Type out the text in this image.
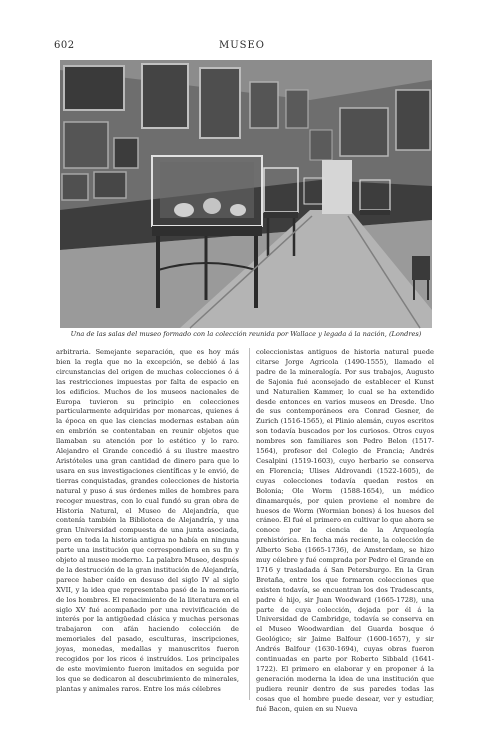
602	MUSEO
Una de las salas del museo formado con la colección reunida por Wallace y legada á la nación, (Londres)

arbitraria. Semejante separación, que es hoy más bien la regla que no la excepción, se debió á las circunstancias del origen de muchas colecciones ó á las restricciones impuestas por falta de espacio en los edificios. Muchos de los museos nacionales de Europa tuvieron su principio en colecciones particularmente adquiridas por monarcas, quienes á la época en que las ciencias modernas estaban aún en embrión se contentaban en reunir objetos que llamaban su atención por lo estético y lo raro. Alejandro el Grande concedió á su ilustre maestro Aristóteles una gran cantidad de dinero para que lo usara en sus investigaciones científicas y le envió, de tierras conquistadas, grandes colecciones de historia natural y puso á sus órdenes miles de hombres para recoger muestras, con lo cual fundó su gran obra de Historia Natural, el Museo de Alejandría, que contenía también la Biblioteca de Alejandría, y una gran Universidad compuesta de una junta asociada, pero en toda la historia antigua no había en ninguna parte una institución que correspondiera en su fin y objeto al museo moderno. La palabra Museo, después de la destrucción de la gran institución de Alejandría, parece haber caído en desuso del siglo IV al siglo XVII, y la idea que representaba pasó de la memoria de los hombres. El renacimiento de la literatura en el siglo XV fué acompañado por una revivificación de interés por la antigüedad clásica y muchas personas trabajaron con afán haciendo colección de memoriales del pasado, esculturas, inscripciones, joyas, monedas, medallas y manuscritos fueron recogidos por los ricos é instruídos. Los principales de este movimiento fueron imitados en seguida por los que se dedicaron al descubrimiento de minerales, plantas y animales raros. Entre los más célebres

coleccionistas antiguos de historia natural puede citarse Jorge Agricola (1490-1555), llamado el padre de la mineralogía. Por sus trabajos, Augusto de Sajonia fué aconsejado de establecer el Kunst und Naturalien Kammer, lo cual se ha extendido desde entonces en varios museos en Dresde. Uno de sus contemporáneos era Conrad Gesner, de Zurich (1516-1565), el Plinio alemán, cuyos escritos son todavía buscados por los curiosos. Otros cuyos nombres son familiares son Pedro Belon (1517-1564), profesor del Colegio de Francia; Andrés Cesalpini (1519-1603), cuyo herbario se conserva en Florencia; Ulises Aldrovandi (1522-1605), de cuyas colecciones todavía quedan restos en Bolonia; Ole Worm (1588-1654), un médico dinamarqués, por quien proviene el nombre de huesos de Worm (Wormian bones) á los huesos del cráneo. Él fué el primero en cultivar lo que ahora se conoce por la ciencia de la Arqueología prehistórica. En fecha más reciente, la colección de Alberto Seba (1665-1736), de Amsterdam, se hizo muy célebre y fué comprada por Pedro el Grande en 1716 y trasladada á San Petersburgo. En la Gran Bretaña, entre los que formaron colecciones que existen todavía, se encuentran los dos Tradescants, padre é hijo, sir Juan Woodward (1665-1728), una parte de cuya colección, dejada por él á la Universidad de Cambridge, todavía se conserva en el Museo Woodwardian del Guarda bosque ó Geológico; sir Jaime Balfour (1600-1657), y sir Andrés Balfour (1630-1694), cuyas obras fueron continuadas en parte por Roberto Sibbald (1641-1722). El primero en elaborar y en proponer á la generación moderna la idea de una institución que pudiera reunir dentro de sus paredes todas las cosas que el hombre puede desear, ver y estudiar, fué Bacon, quien en su Nueva
